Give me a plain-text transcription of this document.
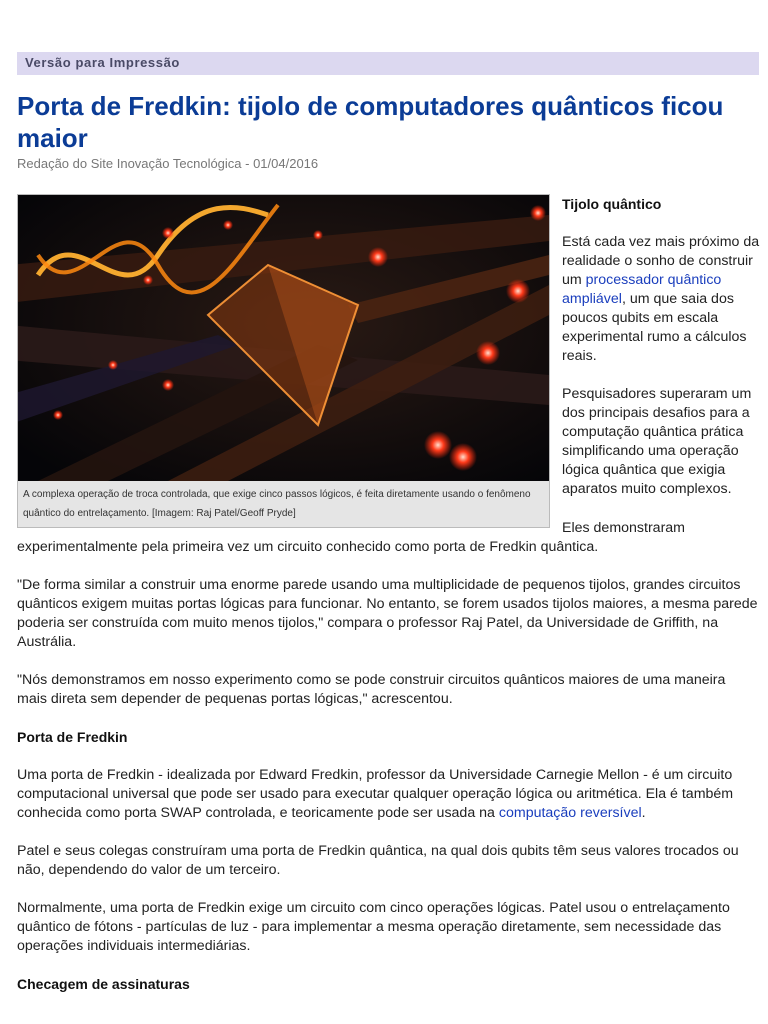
Versão para Impressão
Porta de Fredkin: tijolo de computadores quânticos ficou maior
Redação do Site Inovação Tecnológica - 01/04/2016
A complexa operação de troca controlada, que exige cinco passos lógicos, é feita diretamente usando o fenômeno quântico do entrelaçamento. [Imagem: Raj Patel/Geoff Pryde]
Tijolo quântico

Está cada vez mais próximo da realidade o sonho de construir um processador quântico ampliável, um que saia dos poucos qubits em escala experimental rumo a cálculos reais.

Pesquisadores superaram um dos principais desafios para a computação quântica prática simplificando uma operação lógica quântica que exigia aparatos muito complexos.

Eles demonstraram
experimentalmente pela primeira vez um circuito conhecido como porta de Fredkin quântica.

"De forma similar a construir uma enorme parede usando uma multiplicidade de pequenos tijolos, grandes circuitos quânticos exigem muitas portas lógicas para funcionar. No entanto, se forem usados tijolos maiores, a mesma parede poderia ser construída com muito menos tijolos," compara o professor Raj Patel, da Universidade de Griffith, na Austrália.

"Nós demonstramos em nosso experimento como se pode construir circuitos quânticos maiores de uma maneira mais direta sem depender de pequenas portas lógicas," acrescentou.

Porta de Fredkin

Uma porta de Fredkin - idealizada por Edward Fredkin, professor da Universidade Carnegie Mellon - é um circuito computacional universal que pode ser usado para executar qualquer operação lógica ou aritmética. Ela é também conhecida como porta SWAP controlada, e teoricamente pode ser usada na computação reversível.

Patel e seus colegas construíram uma porta de Fredkin quântica, na qual dois qubits têm seus valores trocados ou não, dependendo do valor de um terceiro.

Normalmente, uma porta de Fredkin exige um circuito com cinco operações lógicas. Patel usou o entrelaçamento quântico de fótons - partículas de luz - para implementar a mesma operação diretamente, sem necessidade das operações individuais intermediárias.

Checagem de assinaturas
